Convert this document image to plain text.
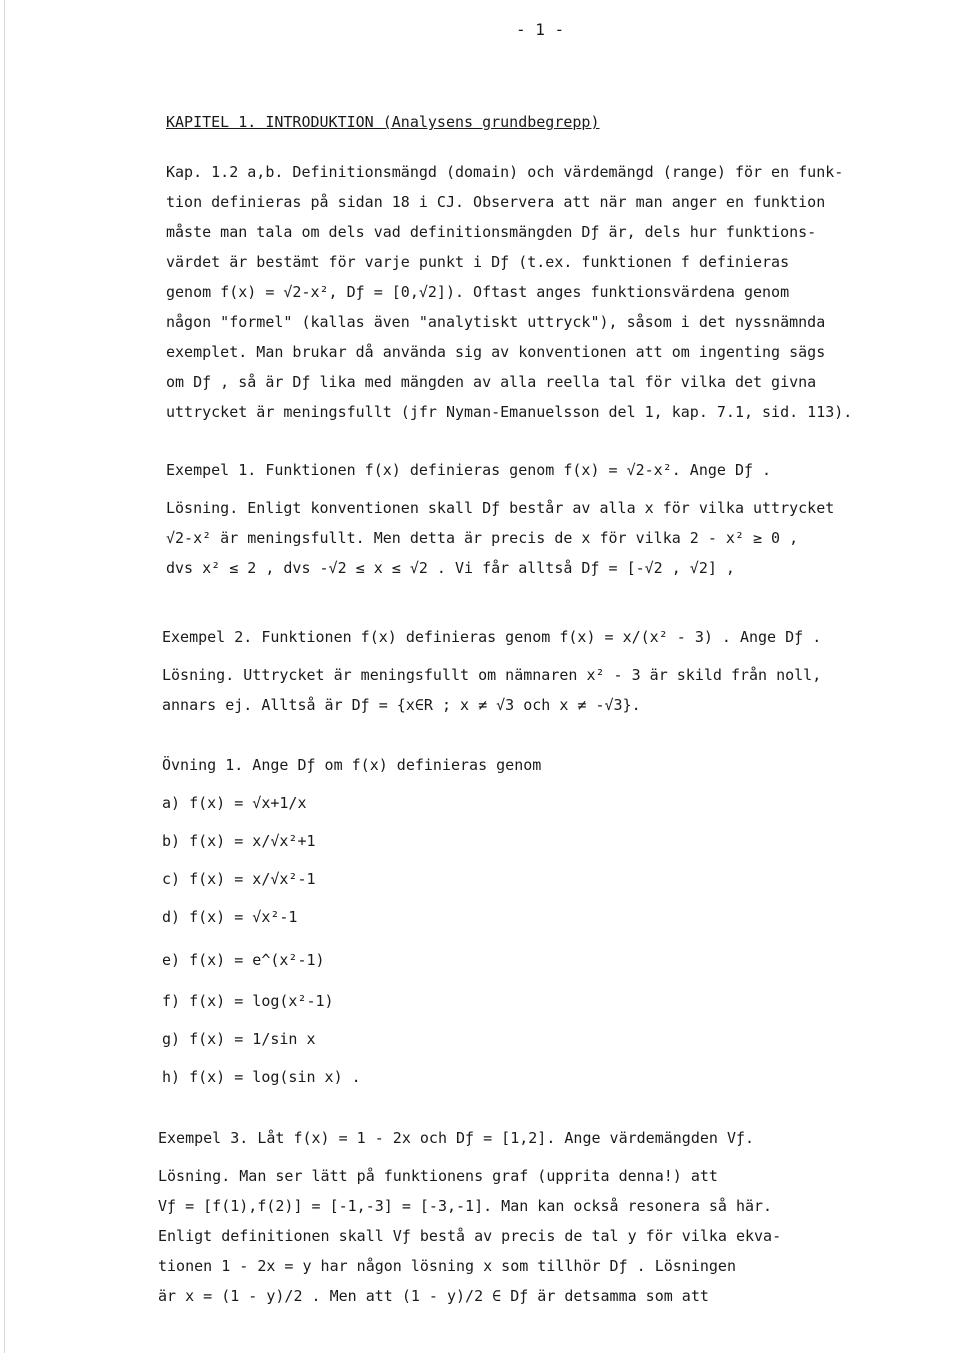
- 1 -
KAPITEL 1. INTRODUKTION (Analysens grundbegrepp)
Kap. 1.2 a,b. Definitionsmängd (domain) och värdemängd (range) för en funk-
tion definieras på sidan 18 i CJ. Observera att när man anger en funktion
måste man tala om dels vad definitionsmängden Dƒ är, dels hur funktions-
värdet är bestämt för varje punkt i Dƒ (t.ex. funktionen f definieras
genom f(x) = √2-x², Dƒ = [0,√2]). Oftast anges funktionsvärdena genom
någon "formel" (kallas även "analytiskt uttryck"), såsom i det nyssnämnda
exemplet. Man brukar då använda sig av konventionen att om ingenting sägs
om Dƒ , så är Dƒ lika med mängden av alla reella tal för vilka det givna
uttrycket är meningsfullt (jfr Nyman-Emanuelsson del 1, kap. 7.1, sid. 113).
Exempel 1. Funktionen f(x) definieras genom f(x) = √2-x². Ange Dƒ .
Lösning. Enligt konventionen skall Dƒ består av alla x för vilka uttrycket
√2-x² är meningsfullt. Men detta är precis de x för vilka 2 - x² ≥ 0 ,
dvs x² ≤ 2 , dvs -√2 ≤ x ≤ √2 . Vi får alltså Dƒ = [-√2 , √2] ,
Exempel 2. Funktionen f(x) definieras genom f(x) = x/(x² - 3) . Ange Dƒ .
Lösning. Uttrycket är meningsfullt om nämnaren x² - 3 är skild från noll,
annars ej. Alltså är Dƒ = {x∈R ; x ≠ √3 och x ≠ -√3}.
Övning 1. Ange Dƒ om f(x) definieras genom
a) f(x) = √x+1/x
b) f(x) = x/√x²+1
c) f(x) = x/√x²-1
d) f(x) = √x²-1
e) f(x) = e^(x²-1)
f) f(x) = log(x²-1)
g) f(x) = 1/sin x
h) f(x) = log(sin x) .
Exempel 3. Låt f(x) = 1 - 2x och Dƒ = [1,2]. Ange värdemängden Vƒ.
Lösning. Man ser lätt på funktionens graf (upprita denna!) att
Vƒ = [f(1),f(2)] = [-1,-3] = [-3,-1]. Man kan också resonera så här.
Enligt definitionen skall Vƒ bestå av precis de tal y för vilka ekva-
tionen 1 - 2x = y har någon lösning x som tillhör Dƒ . Lösningen
är x = (1 - y)/2 . Men att (1 - y)/2 ∈ Dƒ är detsamma som att
